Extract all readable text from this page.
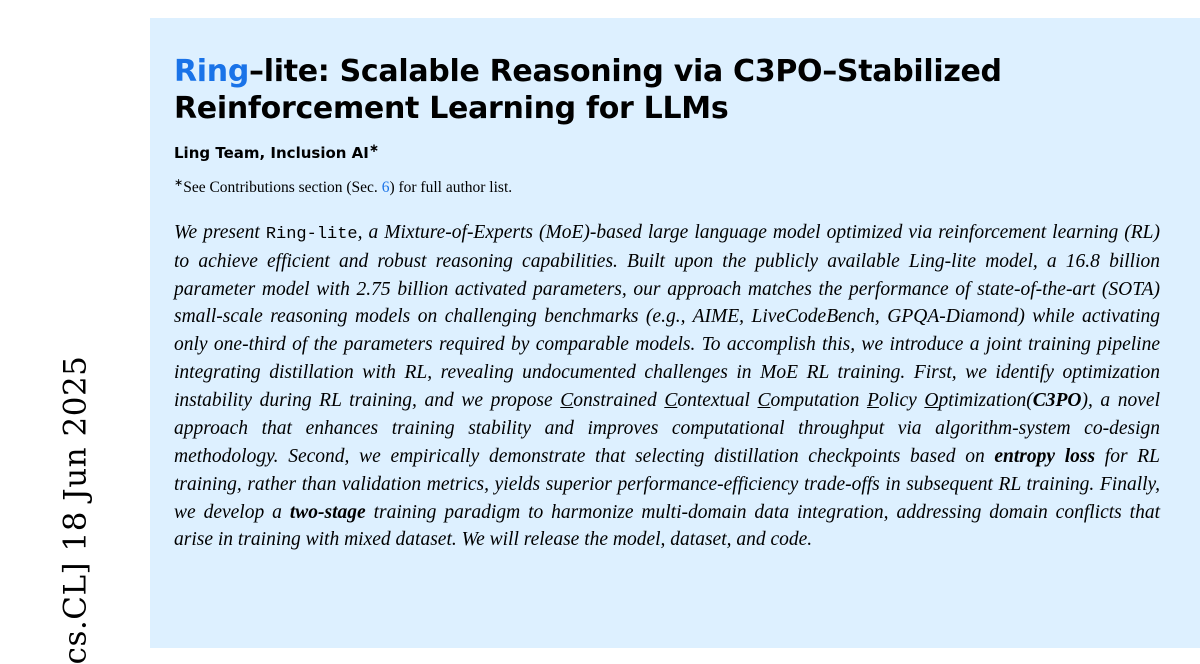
cs.CL] 18 Jun 2025
Ring–lite: Scalable Reasoning via C3PO–Stabilized Reinforcement Learning for LLMs
Ling Team, Inclusion AI∗
∗See Contributions section (Sec. 6) for full author list.

We present Ring-lite, a Mixture-of-Experts (MoE)-based large language model optimized via reinforcement learning (RL) to achieve efficient and robust reasoning capabilities. Built upon the publicly available Ling-lite model, a 16.8 billion parameter model with 2.75 billion activated parameters, our approach matches the performance of state-of-the-art (SOTA) small-scale reasoning models on challenging benchmarks (e.g., AIME, LiveCodeBench, GPQA-Diamond) while activating only one-third of the parameters required by comparable models. To accomplish this, we introduce a joint training pipeline integrating distillation with RL, revealing undocumented challenges in MoE RL training. First, we identify optimization instability during RL training, and we propose Constrained Contextual Computation Policy Optimization(C3PO), a novel approach that enhances training stability and improves computational throughput via algorithm-system co-design methodology. Second, we empirically demonstrate that selecting distillation checkpoints based on entropy loss for RL training, rather than validation metrics, yields superior performance-efficiency trade-offs in subsequent RL training. Finally, we develop a two-stage training paradigm to harmonize multi-domain data integration, addressing domain conflicts that arise in training with mixed dataset. We will release the model, dataset, and code.
